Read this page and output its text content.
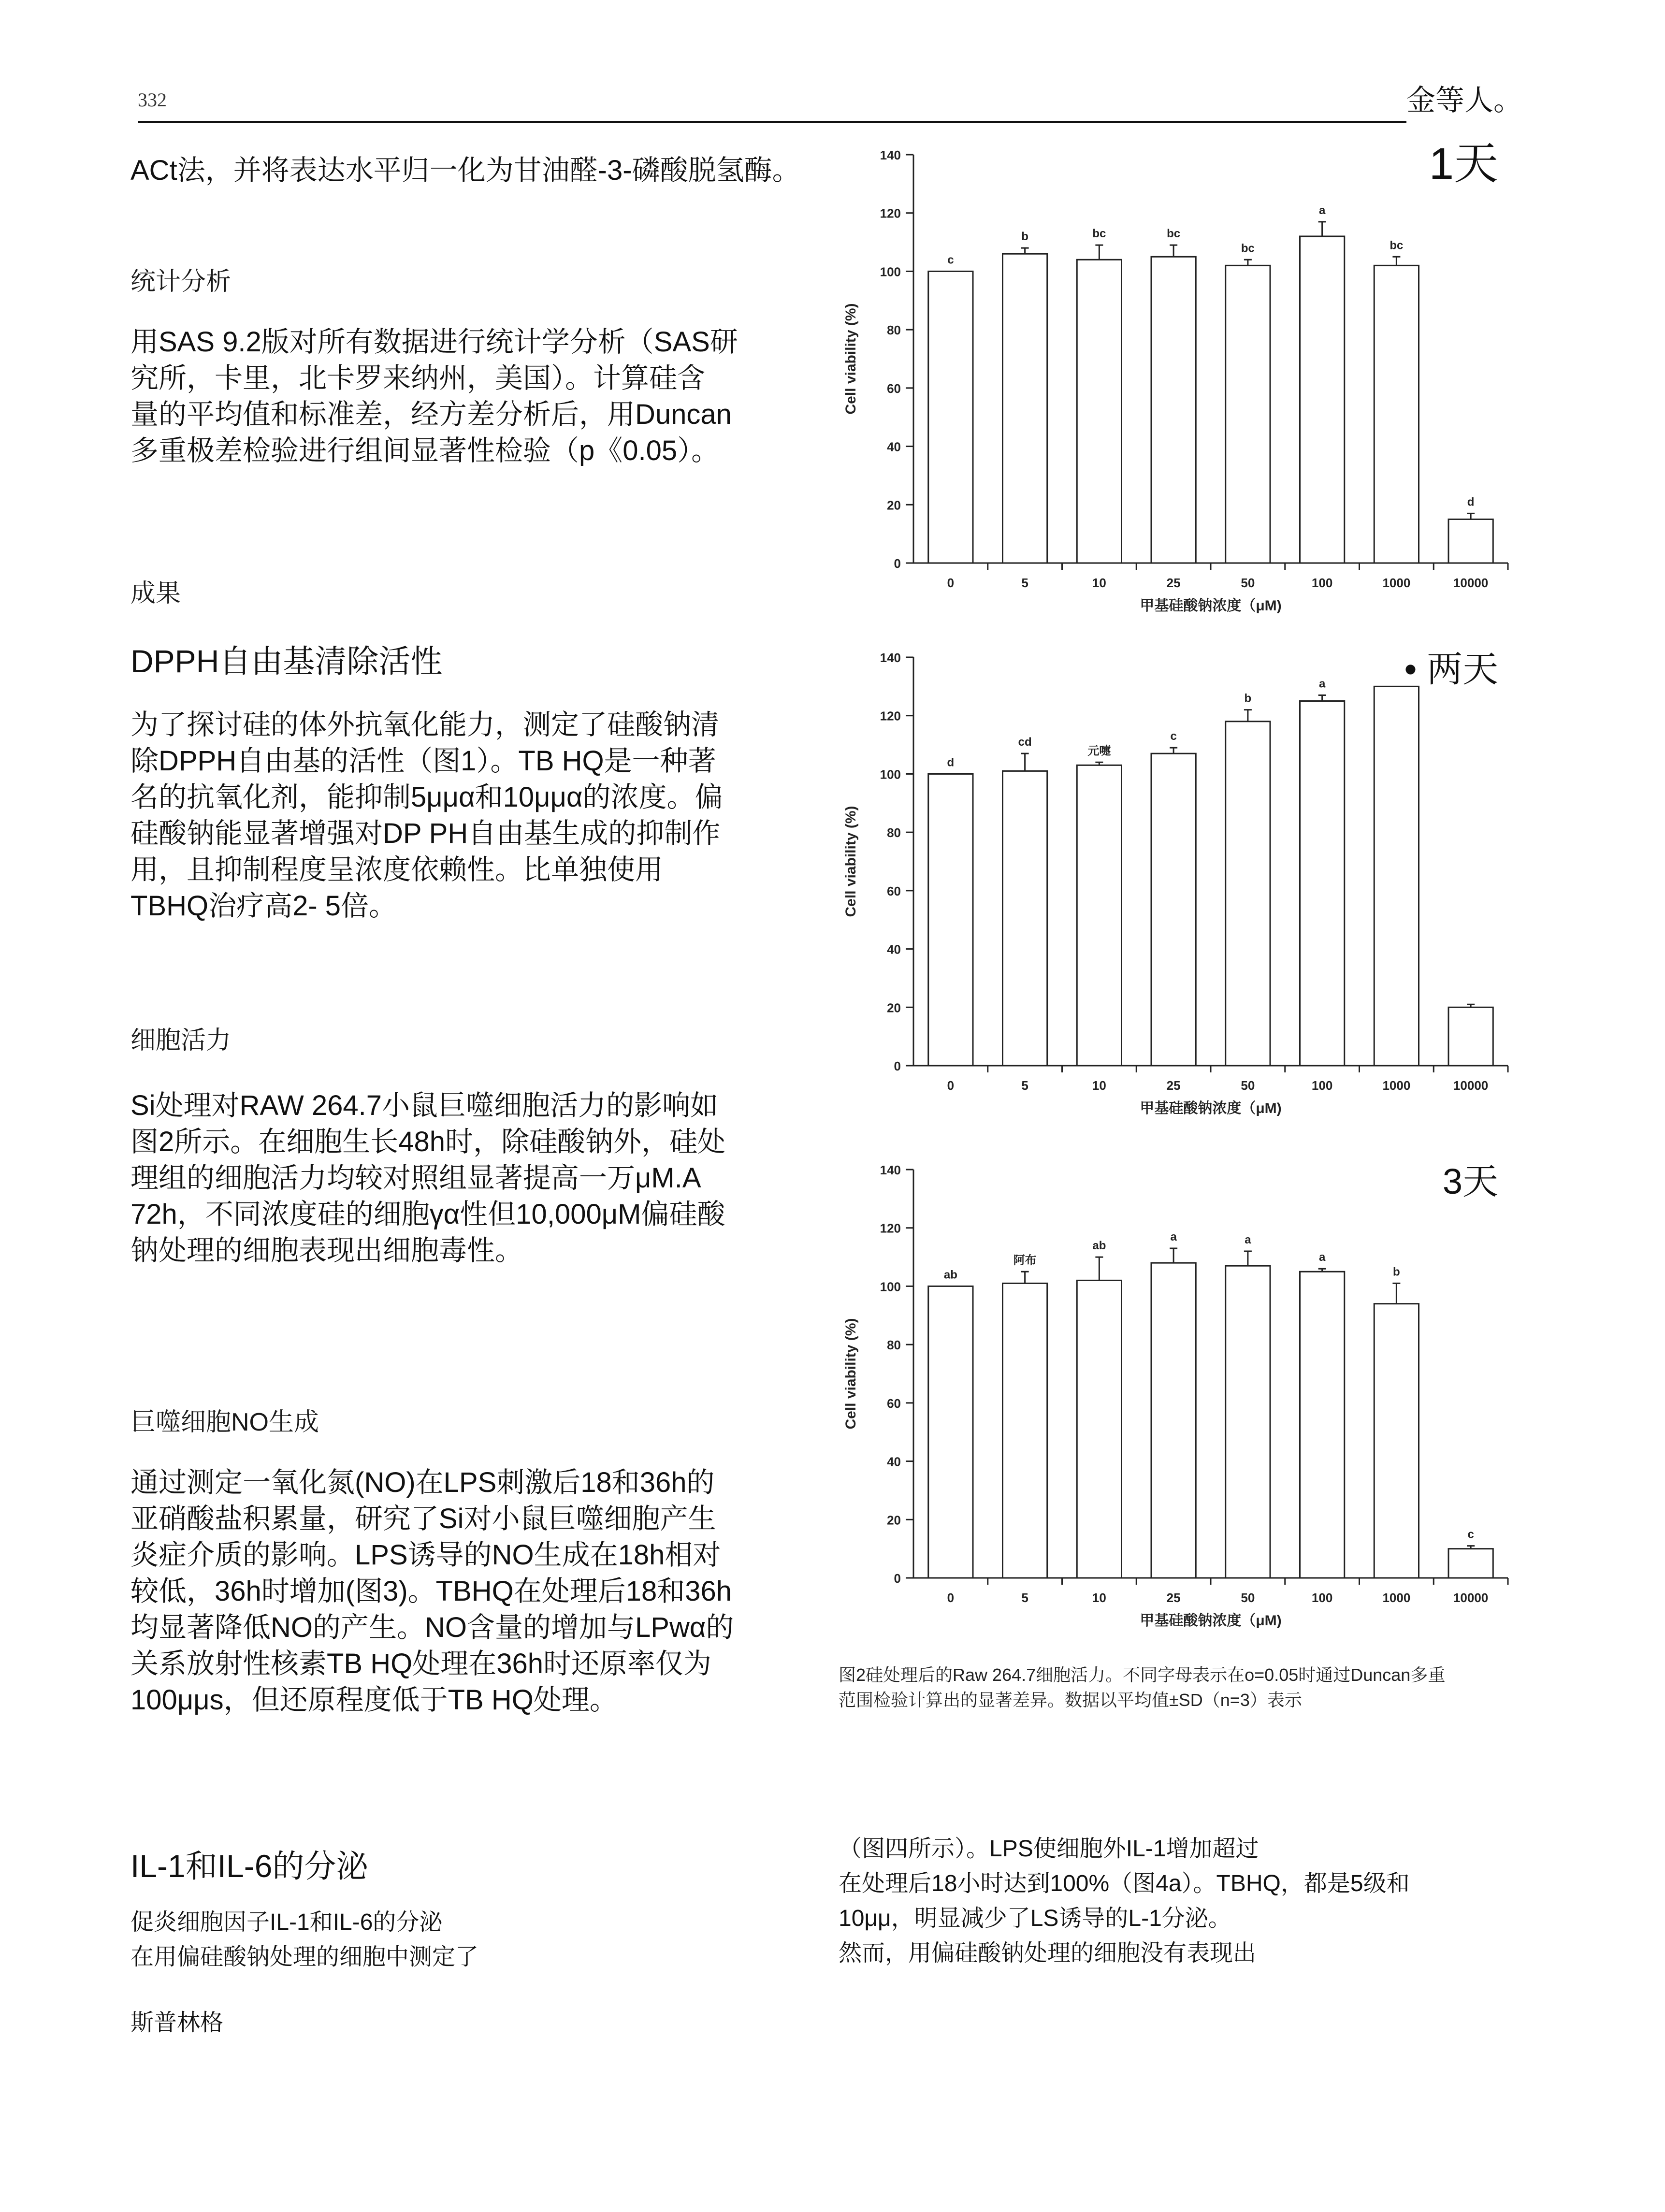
332	金等人。
ACt法，并将表达水平归一化为甘油醛-3-磷酸脱氢酶。
统计分析
用SAS 9.2版对所有数据进行统计学分析（SAS研
究所，卡里，北卡罗来纳州，美国）。计算硅含
量的平均值和标准差，经方差分析后，用Duncan
多重极差检验进行组间显著性检验（p《0.05）。
成果
DPPH自由基清除活性
为了探讨硅的体外抗氧化能力，测定了硅酸钠清
除DPPH自由基的活性（图1）。TB HQ是一种著
名的抗氧化剂，能抑制5μμα和10μμα的浓度。偏
硅酸钠能显著增强对DP PH自由基生成的抑制作
用，且抑制程度呈浓度依赖性。比单独使用
TBHQ治疗高2- 5倍。
细胞活力
Si处理对RAW 264.7小鼠巨噬细胞活力的影响如
图2所示。在细胞生长48h时，除硅酸钠外，硅处
理组的细胞活力均较对照组显著提高一万μM.A
72h，不同浓度硅的细胞γα性但10,000μM偏硅酸
钠处理的细胞表现出细胞毒性。
巨噬细胞NO生成
通过测定一氧化氮(NO)在LPS刺激后18和36h的
亚硝酸盐积累量，研究了Si对小鼠巨噬细胞产生
炎症介质的影响。LPS诱导的NO生成在18h相对
较低，36h时增加(图3)。TBHQ在处理后18和36h
均显著降低NO的产生。NO含量的增加与LPwα的
关系放射性核素TB HQ处理在36h时还原率仅为
100μμs，但还原程度低于TB HQ处理。
IL-1和IL-6的分泌
促炎细胞因子IL-1和IL-6的分泌
在用偏硅酸钠处理的细胞中测定了
斯普林格
0
20
40
60
80
100
120
140
Cell viability (%)
c
0
b
5
bc
10
bc
25
bc
50
a
100
bc
1000
d
10000
甲基硅酸钠浓度（μM)
1天
0
20
40
60
80
100
120
140
Cell viability (%)
d
0
cd
5
元嚏
10
c
25
b
50
a
100	1000	10000
甲基硅酸钠浓度（μM)
• 两天
0
20
40
60
80
100
120
140
Cell viability (%)
ab
0
阿布
5
ab
10
a
25
a
50
a
100
b
1000
c
10000
甲基硅酸钠浓度（μM)
3天
图2硅处理后的Raw 264.7细胞活力。不同字母表示在o=0.05时通过Duncan多重
范围检验计算出的显著差异。数据以平均值±SD（n=3）表示
（图四所示）。LPS使细胞外IL-1增加超过
在处理后18小时达到100%（图4a）。TBHQ，都是5级和
10μμ，明显减少了LS诱导的L-1分泌。
然而，用偏硅酸钠处理的细胞没有表现出
